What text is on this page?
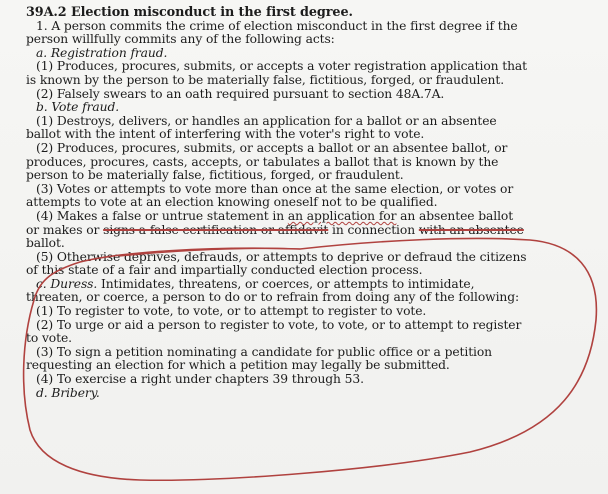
39A.2 Election misconduct in the first degree.
1. A person commits the crime of election misconduct in the first degree if the
person willfully commits any of the following acts:
a. Registration fraud.
(1) Produces, procures, submits, or accepts a voter registration application that
is known by the person to be materially false, fictitious, forged, or fraudulent.
(2) Falsely swears to an oath required pursuant to section 48A.7A.
b. Vote fraud.
(1) Destroys, delivers, or handles an application for a ballot or an absentee
ballot with the intent of interfering with the voter's right to vote.
(2) Produces, procures, submits, or accepts a ballot or an absentee ballot, or
produces, procures, casts, accepts, or tabulates a ballot that is known by the
person to be materially false, fictitious, forged, or fraudulent.
(3) Votes or attempts to vote more than once at the same election, or votes or
attempts to vote at an election knowing oneself not to be qualified.
(4) Makes a false or untrue statement in an application for an absentee ballot
or makes or signs a false certification or affidavit in connection with an absentee
ballot.
(5) Otherwise deprives, defrauds, or attempts to deprive or defraud the citizens
of this state of a fair and impartially conducted election process.
c. Duress. Intimidates, threatens, or coerces, or attempts to intimidate,
threaten, or coerce, a person to do or to refrain from doing any of the following:
(1) To register to vote, to vote, or to attempt to register to vote.
(2) To urge or aid a person to register to vote, to vote, or to attempt to register
to vote.
(3) To sign a petition nominating a candidate for public office or a petition
requesting an election for which a petition may legally be submitted.
(4) To exercise a right under chapters 39 through 53.
d. Bribery.
